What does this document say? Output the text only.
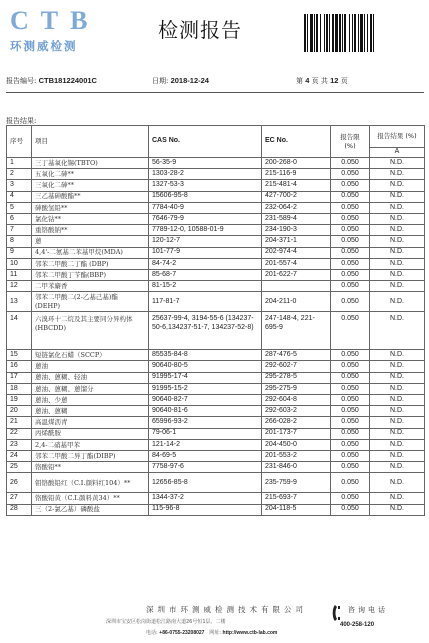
CTB
环测威检测
检测报告
报告编号: CTB181224001C	日期: 2018-12-24	第 4 页 共 12 页
报告结果:
序号	项目	CAS No.	EC No.	报告限 (%)	报告结果 (%)
					A
1	三丁基氧化锡(TBTO)	56-35-9	200-268-0	0.050	N.D.
2	五氧化二砷**	1303-28-2	215-116-9	0.050	N.D.
3	三氧化二砷**	1327-53-3	215-481-4	0.050	N.D.
4	三乙基砷酸酯**	15606-95-8	427-700-2	0.050	N.D.
5	砷酸氢铅**	7784-40-9	232-064-2	0.050	N.D.
6	氯化钴**	7646-79-9	231-589-4	0.050	N.D.
7	重铬酸钠**	7789-12-0, 10588-01-9	234-190-3	0.050	N.D.
8	蒽	120-12-7	204-371-1	0.050	N.D.
9	4,4'-二氨基二苯基甲烷(MDA)	101-77-9	202-974-4	0.050	N.D.
10	邻苯二甲酸二丁酯 (DBP)	84-74-2	201-557-4	0.050	N.D.
11	邻苯二甲酸丁苄酯(BBP)	85-68-7	201-622-7	0.050	N.D.
12	二甲苯麝香	81-15-2		0.050	N.D.
13	邻苯二甲酸二(2-乙基己基)酯 (DEHP)	117-81-7	204-211-0	0.050	N.D.
14	六溴环十二烷及其主要同分异构体(HBCDD)	25637-99-4, 3194-55-6 (134237-50-6,134237-51-7, 134237-52-8)	247-148-4, 221-695-9	0.050	N.D.
15	短链氯化石蜡（SCCP）	85535-84-8	287-476-5	0.050	N.D.
16	蒽油	90640-80-5	292-602-7	0.050	N.D.
17	蒽油、蒽糊、轻油	91995-17-4	295-278-5	0.050	N.D.
18	蒽油、蒽糊、蒽馏分	91995-15-2	295-275-9	0.050	N.D.
19	蒽油、少蒽	90640-82-7	292-604-8	0.050	N.D.
20	蒽油、蒽糊	90640-81-6	292-603-2	0.050	N.D.
21	高温煤沥青	65996-93-2	266-028-2	0.050	N.D.
22	丙烯酰胺	79-06-1	201-173-7	0.050	N.D.
23	2,4-二硝基甲苯	121-14-2	204-450-0	0.050	N.D.
24	邻苯二甲酸二异丁酯(DIBP)	84-69-5	201-553-2	0.050	N.D.
25	铬酸铅**	7758-97-6	231-846-0	0.050	N.D.
26	钼铬酸铅红（C.I.颜料红104）**	12656-85-8	235-759-9	0.050	N.D.
27	铬酸铅黄（C.I.颜料黄34）**	1344-37-2	215-693-7	0.050	N.D.
28	三（2-氯乙基）磷酸盐	115-96-8	204-118-5	0.050	N.D.
深圳市环测威检测技术有限公司
深圳市宝安区松岗街道松江路南大道26号恒1层、二楼
电话: +86-0755-23208027 网址: http://www.ctb-lab.com
咨询电话
400-258-120
